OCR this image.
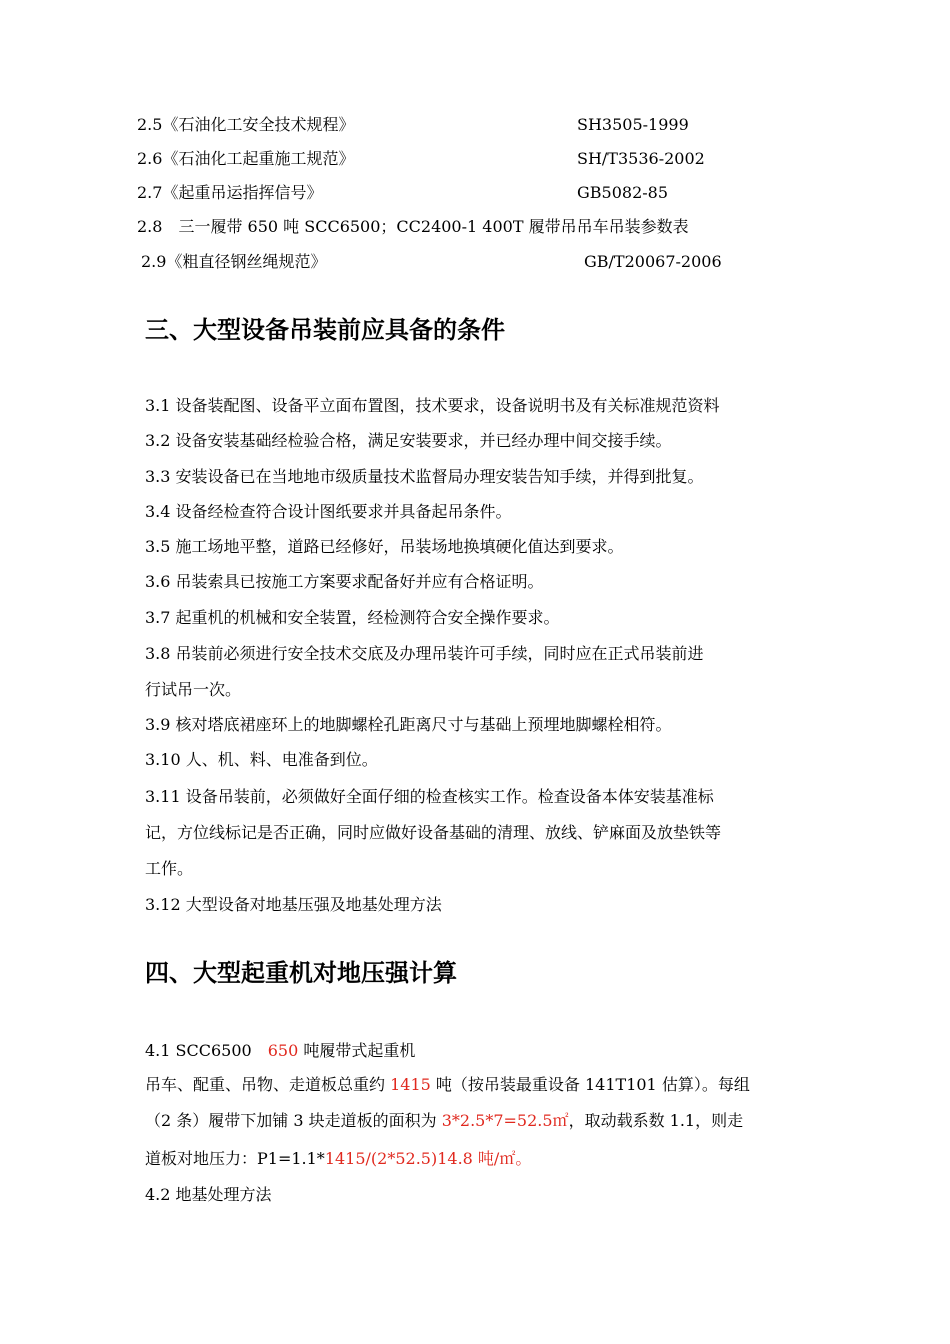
2.5《石油化工安全技术规程》	SH3505-1999
2.6《石油化工起重施工规范》	SH/T3536-2002
2.7《起重吊运指挥信号》	GB5082-85
2.8　三一履带 650 吨 SCC6500；CC2400-1 400T 履带吊吊车吊装参数表
2.9《粗直径钢丝绳规范》	GB/T20067-2006
三、大型设备吊装前应具备的条件
3.1 设备装配图、设备平立面布置图，技术要求，设备说明书及有关标准规范资料
3.2 设备安装基础经检验合格，满足安装要求，并已经办理中间交接手续。
3.3 安装设备已在当地地市级质量技术监督局办理安装告知手续，并得到批复。
3.4 设备经检查符合设计图纸要求并具备起吊条件。
3.5 施工场地平整，道路已经修好，吊装场地换填硬化值达到要求。
3.6 吊装索具已按施工方案要求配备好并应有合格证明。
3.7 起重机的机械和安全装置，经检测符合安全操作要求。
3.8 吊装前必须进行安全技术交底及办理吊装许可手续，同时应在正式吊装前进
行试吊一次。
3.9 核对塔底裙座环上的地脚螺栓孔距离尺寸与基础上预埋地脚螺栓相符。
3.10 人、机、料、电准备到位。
3.11 设备吊装前，必须做好全面仔细的检查核实工作。检查设备本体安装基准标
记，方位线标记是否正确，同时应做好设备基础的清理、放线、铲麻面及放垫铁等
工作。
3.12 大型设备对地基压强及地基处理方法
四、大型起重机对地压强计算
4.1 SCC6500　650 吨履带式起重机
吊车、配重、吊物、走道板总重约 1415 吨（按吊装最重设备 141T101 估算）。每组
（2 条）履带下加铺 3 块走道板的面积为 3*2.5*7=52.5㎡，取动载系数 1.1，则走
道板对地压力：P1=1.1*1415/(2*52.5)14.8 吨/㎡。
4.2 地基处理方法
